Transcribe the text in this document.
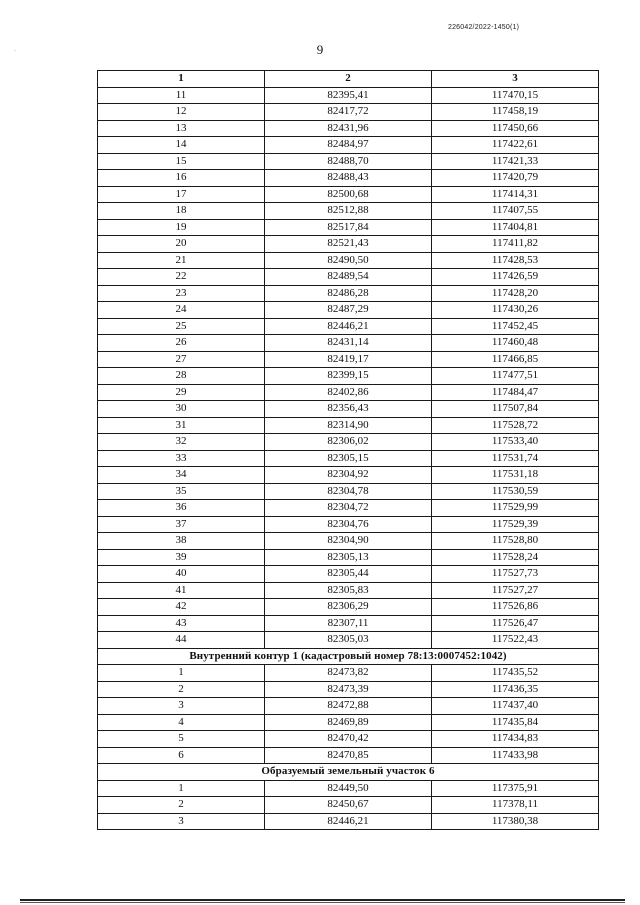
226042/2022-1450(1)
·	9
1	2	3
11	82395,41	117470,15
12	82417,72	117458,19
13	82431,96	117450,66
14	82484,97	117422,61
15	82488,70	117421,33
16	82488,43	117420,79
17	82500,68	117414,31
18	82512,88	117407,55
19	82517,84	117404,81
20	82521,43	117411,82
21	82490,50	117428,53
22	82489,54	117426,59
23	82486,28	117428,20
24	82487,29	117430,26
25	82446,21	117452,45
26	82431,14	117460,48
27	82419,17	117466,85
28	82399,15	117477,51
29	82402,86	117484,47
30	82356,43	117507,84
31	82314,90	117528,72
32	82306,02	117533,40
33	82305,15	117531,74
34	82304,92	117531,18
35	82304,78	117530,59
36	82304,72	117529,99
37	82304,76	117529,39
38	82304,90	117528,80
39	82305,13	117528,24
40	82305,44	117527,73
41	82305,83	117527,27
42	82306,29	117526,86
43	82307,11	117526,47
44	82305,03	117522,43
Внутренний контур 1 (кадастровый номер 78:13:0007452:1042)		
1	82473,82	117435,52
2	82473,39	117436,35
3	82472,88	117437,40
4	82469,89	117435,84
5	82470,42	117434,83
6	82470,85	117433,98
Образуемый земельный участок 6		
1	82449,50	117375,91
2	82450,67	117378,11
3	82446,21	117380,38
